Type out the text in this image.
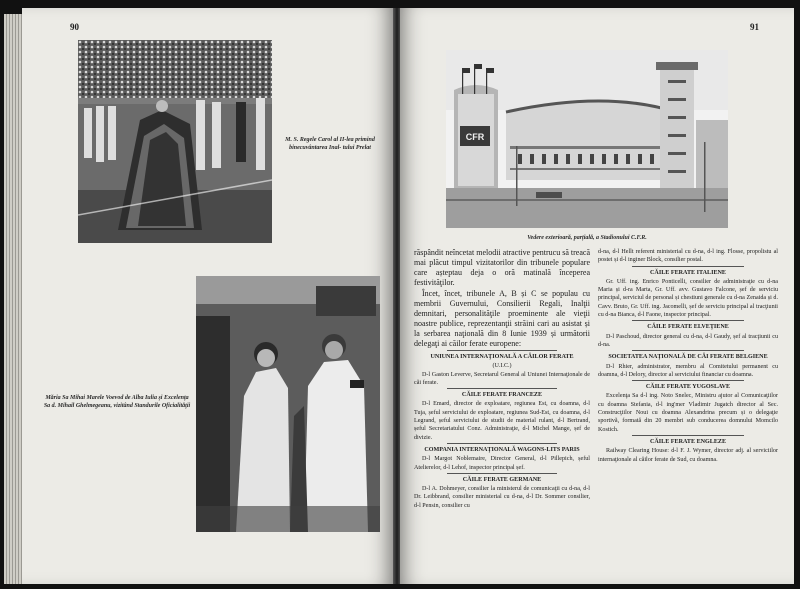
90
M. S. Regele Carol al II-lea primind binecuvântarea Inal- tului Prelat
Măria Sa Mihai Marele Voevod de Alba Iulia și Excelenţa Sa d. Mihail Ghelmegeanu, vizitând Standurile Oficialităţii
91
CFR
Vedere exterioară, parțială, a Stadionului C.F.R.

răspândit neîncetat melodii atractive pentrucu să treacă mai plăcut timpul vizitatorilor din tribunele populare care așteptau deja o oră matinală începerea festivităţilor.

Încet, încet, tribunele A, B și C se populau cu membrii Guvernului, Consilierii Regali, Inalţii demnitari, personalităţile proeminente ale vieţii noastre publice, reprezentanţii străini cari au asistat și la serbarea naţională din 8 Iunie 1939 și următorii delegaţi ai căilor ferate europene:

UNIUNEA INTERNAŢIONALĂ A CĂILOR FERATE
(U.I.C.)

D-l Gaston Leverve, Secretarul General al Uniunei Internaţionale de căi ferate.

CĂILE FERATE FRANCEZE

D-l Emard, director de exploatare, regiunea Est, cu doamna, d-l Tuja, șeful serviciului de exploatare, regiunea Sud-Est, cu doamna, d-l Legrand, șeful serviciului de studii de material rulant, d-l Bertrand, șeful Secretariatului Conz. Administraţie, d-l Michel Mange, șef de divizie.

COMPANIA INTERNAŢIONALĂ WAGONS-LITS PARIS

D-l Margot Noblemaire, Director General, d-l Pillepich, șeful Atelierelor, d-l Lehof, inspector principal șef.

CĂILE FERATE GERMANE

D-l A. Dohmeyer, consilier la ministerul de comunicaţii cu d-na, d-l Dr. Leibbrand, consilier ministerial cu d-na, d-l Dr. Sommer consilier, d-l Pensin, consilier cu

d-na, d-l Hellt referent ministerial cu d-na, d-l ing. Flosse, propolistu al postei și d-l inginer Block, consilier postal.

CĂILE FERATE ITALIENE

Gr. Uff. ing. Enrico Ponticelli, consilier de administraţie cu d-na Maria și d-ra Marta, Gr. Uff. avv. Gustavo Falcone, șef de serviciu principal, serviciul de personal și chestiuni generale cu d-na Zenaida și d. Cavv. Bruto, Gr. Uff. ing. Jacomelli, șef de serviciu principal al tracţiunii cu d-na Bianca, d-l Faone, inspector principal.

CĂILE FERATE ELVEŢIENE

D-l Paschoud, director general cu d-na, d-l Gaudy, șef al tracţiunii cu d-na.

SOCIETATEA NAŢIONALĂ DE CĂI FERATE BELGIENE

D-l Rhier, administrator, membru al Comitetului permanent cu doamna, d-l Delory, director al serviciului financiar cu doamna.

CĂILE FERATE YUGOSLAVE

Excelenţa Sa d-l ing. Noto Snelec, Ministru ajutor al Comunicaţiilor cu doamna Stefania, d-l ing'mer Vladimir Jugatch director al Sec. Construcţiilor Noui cu doamna Alexandrina precum și o delegaţie sportivă, formată din 20 membri sub conducerea domnului Momcilo Kostich.

CĂILE FERATE ENGLEZE

Railway Clearing House: d-l F. J. Wymer, director adj. al serviciilor internaţionale al căilor ferate de Sud, cu doamna.
